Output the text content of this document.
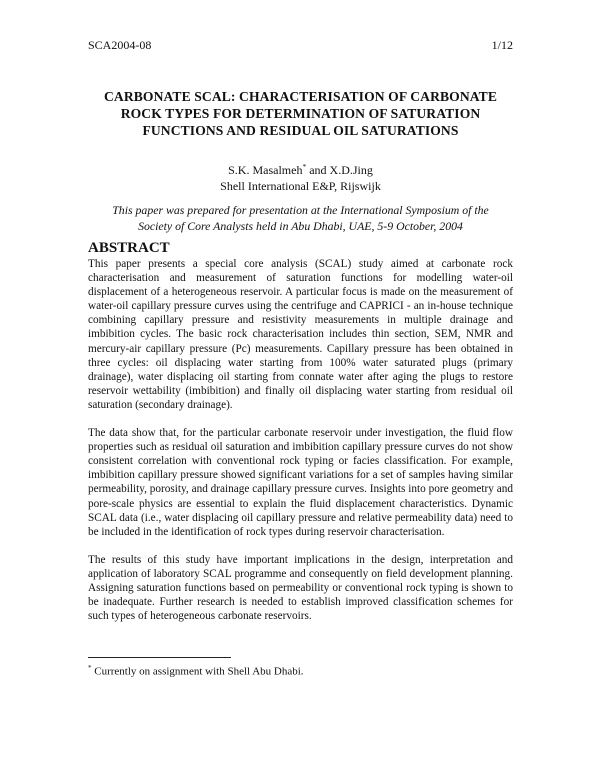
SCA2004-08	1/12
CARBONATE SCAL: CHARACTERISATION OF CARBONATE
ROCK TYPES FOR DETERMINATION OF SATURATION
FUNCTIONS AND RESIDUAL OIL SATURATIONS
S.K. Masalmeh* and X.D.Jing
Shell International E&P, Rijswijk
This paper was prepared for presentation at the International Symposium of the
Society of Core Analysts held in Abu Dhabi, UAE, 5-9 October, 2004
ABSTRACT

This paper presents a special core analysis (SCAL) study aimed at carbonate rock characterisation and measurement of saturation functions for modelling water-oil displacement of a heterogeneous reservoir. A particular focus is made on the measurement of water-oil capillary pressure curves using the centrifuge and CAPRICI - an in-house technique combining capillary pressure and resistivity measurements in multiple drainage and imbibition cycles. The basic rock characterisation includes thin section, SEM, NMR and mercury-air capillary pressure (Pc) measurements. Capillary pressure has been obtained in three cycles: oil displacing water starting from 100% water saturated plugs (primary drainage), water displacing oil starting from connate water after aging the plugs to restore reservoir wettability (imbibition) and finally oil displacing water starting from residual oil saturation (secondary drainage).

The data show that, for the particular carbonate reservoir under investigation, the fluid flow properties such as residual oil saturation and imbibition capillary pressure curves do not show consistent correlation with conventional rock typing or facies classification. For example, imbibition capillary pressure showed significant variations for a set of samples having similar permeability, porosity, and drainage capillary pressure curves. Insights into pore geometry and pore-scale physics are essential to explain the fluid displacement characteristics. Dynamic SCAL data (i.e., water displacing oil capillary pressure and relative permeability data) need to be included in the identification of rock types during reservoir characterisation.

The results of this study have important implications in the design, interpretation and application of laboratory SCAL programme and consequently on field development planning. Assigning saturation functions based on permeability or conventional rock typing is shown to be inadequate. Further research is needed to establish improved classification schemes for such types of heterogeneous carbonate reservoirs.

* Currently on assignment with Shell Abu Dhabi.
